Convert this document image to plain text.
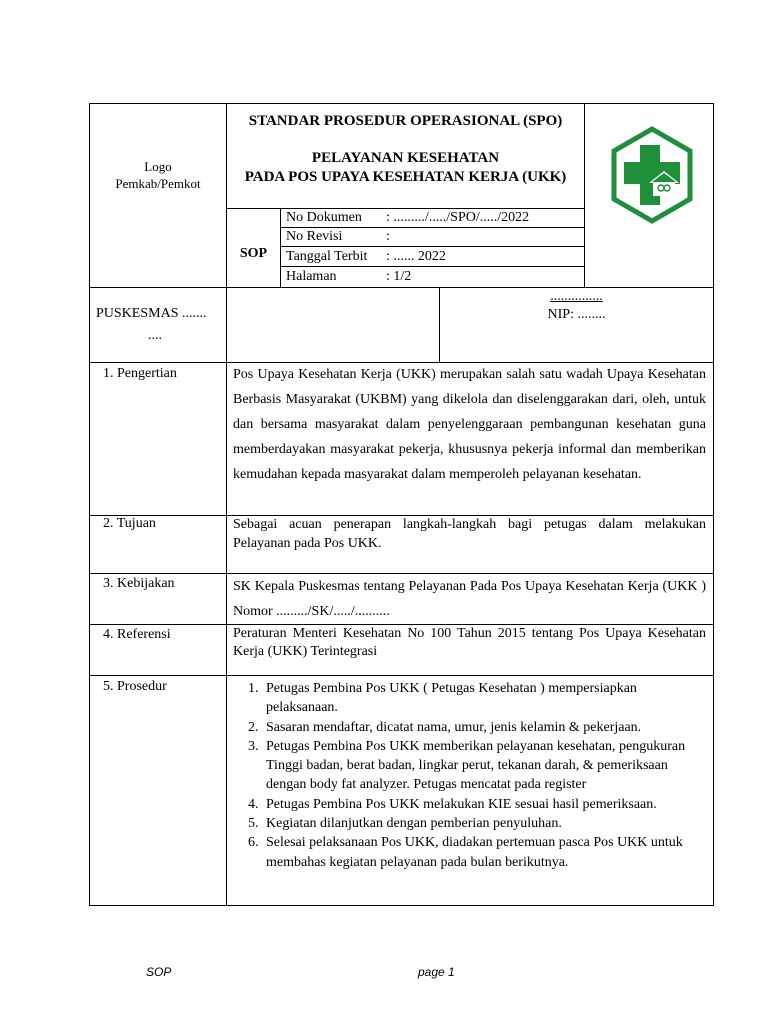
Logo
Pemkab/Pemkot
STANDAR PROSEDUR OPERASIONAL (SPO)
PELAYANAN KESEHATAN
PADA POS UPAYA KESEHATAN KERJA (UKK)
SOP
No Dokumen : ........./...../SPO/...../2022
No Revisi	:
Tanggal Terbit : ...... 2022
Halaman	: 1/2
PUSKESMAS .......
....
...............
NIP: ........
1. Pengertian	Pos Upaya Kesehatan Kerja (UKK) merupakan salah satu wadah Upaya Kesehatan Berbasis Masyarakat (UKBM) yang dikelola dan diselenggarakan dari, oleh, untuk dan bersama masyarakat dalam penyelenggaraan pembangunan kesehatan guna memberdayakan masyarakat pekerja, khususnya pekerja informal dan memberikan kemudahan kepada masyarakat dalam memperoleh pelayanan kesehatan.
2. Tujuan	Sebagai acuan penerapan langkah-langkah bagi petugas dalam melakukan Pelayanan pada Pos UKK.
3. Kebijakan	SK Kepala Puskesmas tentang Pelayanan Pada Pos Upaya Kesehatan Kerja (UKK ) Nomor ........./SK/...../..........
4. Referensi	Peraturan Menteri Kesehatan No 100 Tahun 2015 tentang Pos Upaya Kesehatan Kerja (UKK) Terintegrasi
5. Prosedur
1.	Petugas Pembina Pos UKK ( Petugas Kesehatan ) mempersiapkan pelaksanaan.
2. Sasaran mendaftar, dicatat nama, umur, jenis kelamin & pekerjaan.
3. Petugas Pembina Pos UKK memberikan pelayanan kesehatan, pengukuran Tinggi badan, berat badan, lingkar perut, tekanan darah, & pemeriksaan dengan body fat analyzer. Petugas mencatat pada register
4. Petugas Pembina Pos UKK melakukan KIE sesuai hasil pemeriksaan.
5. Kegiatan dilanjutkan dengan pemberian penyuluhan.
6. Selesai pelaksanaan Pos UKK, diadakan pertemuan pasca Pos UKK untuk membahas kegiatan pelayanan pada bulan berikutnya.
SOP	page 1
